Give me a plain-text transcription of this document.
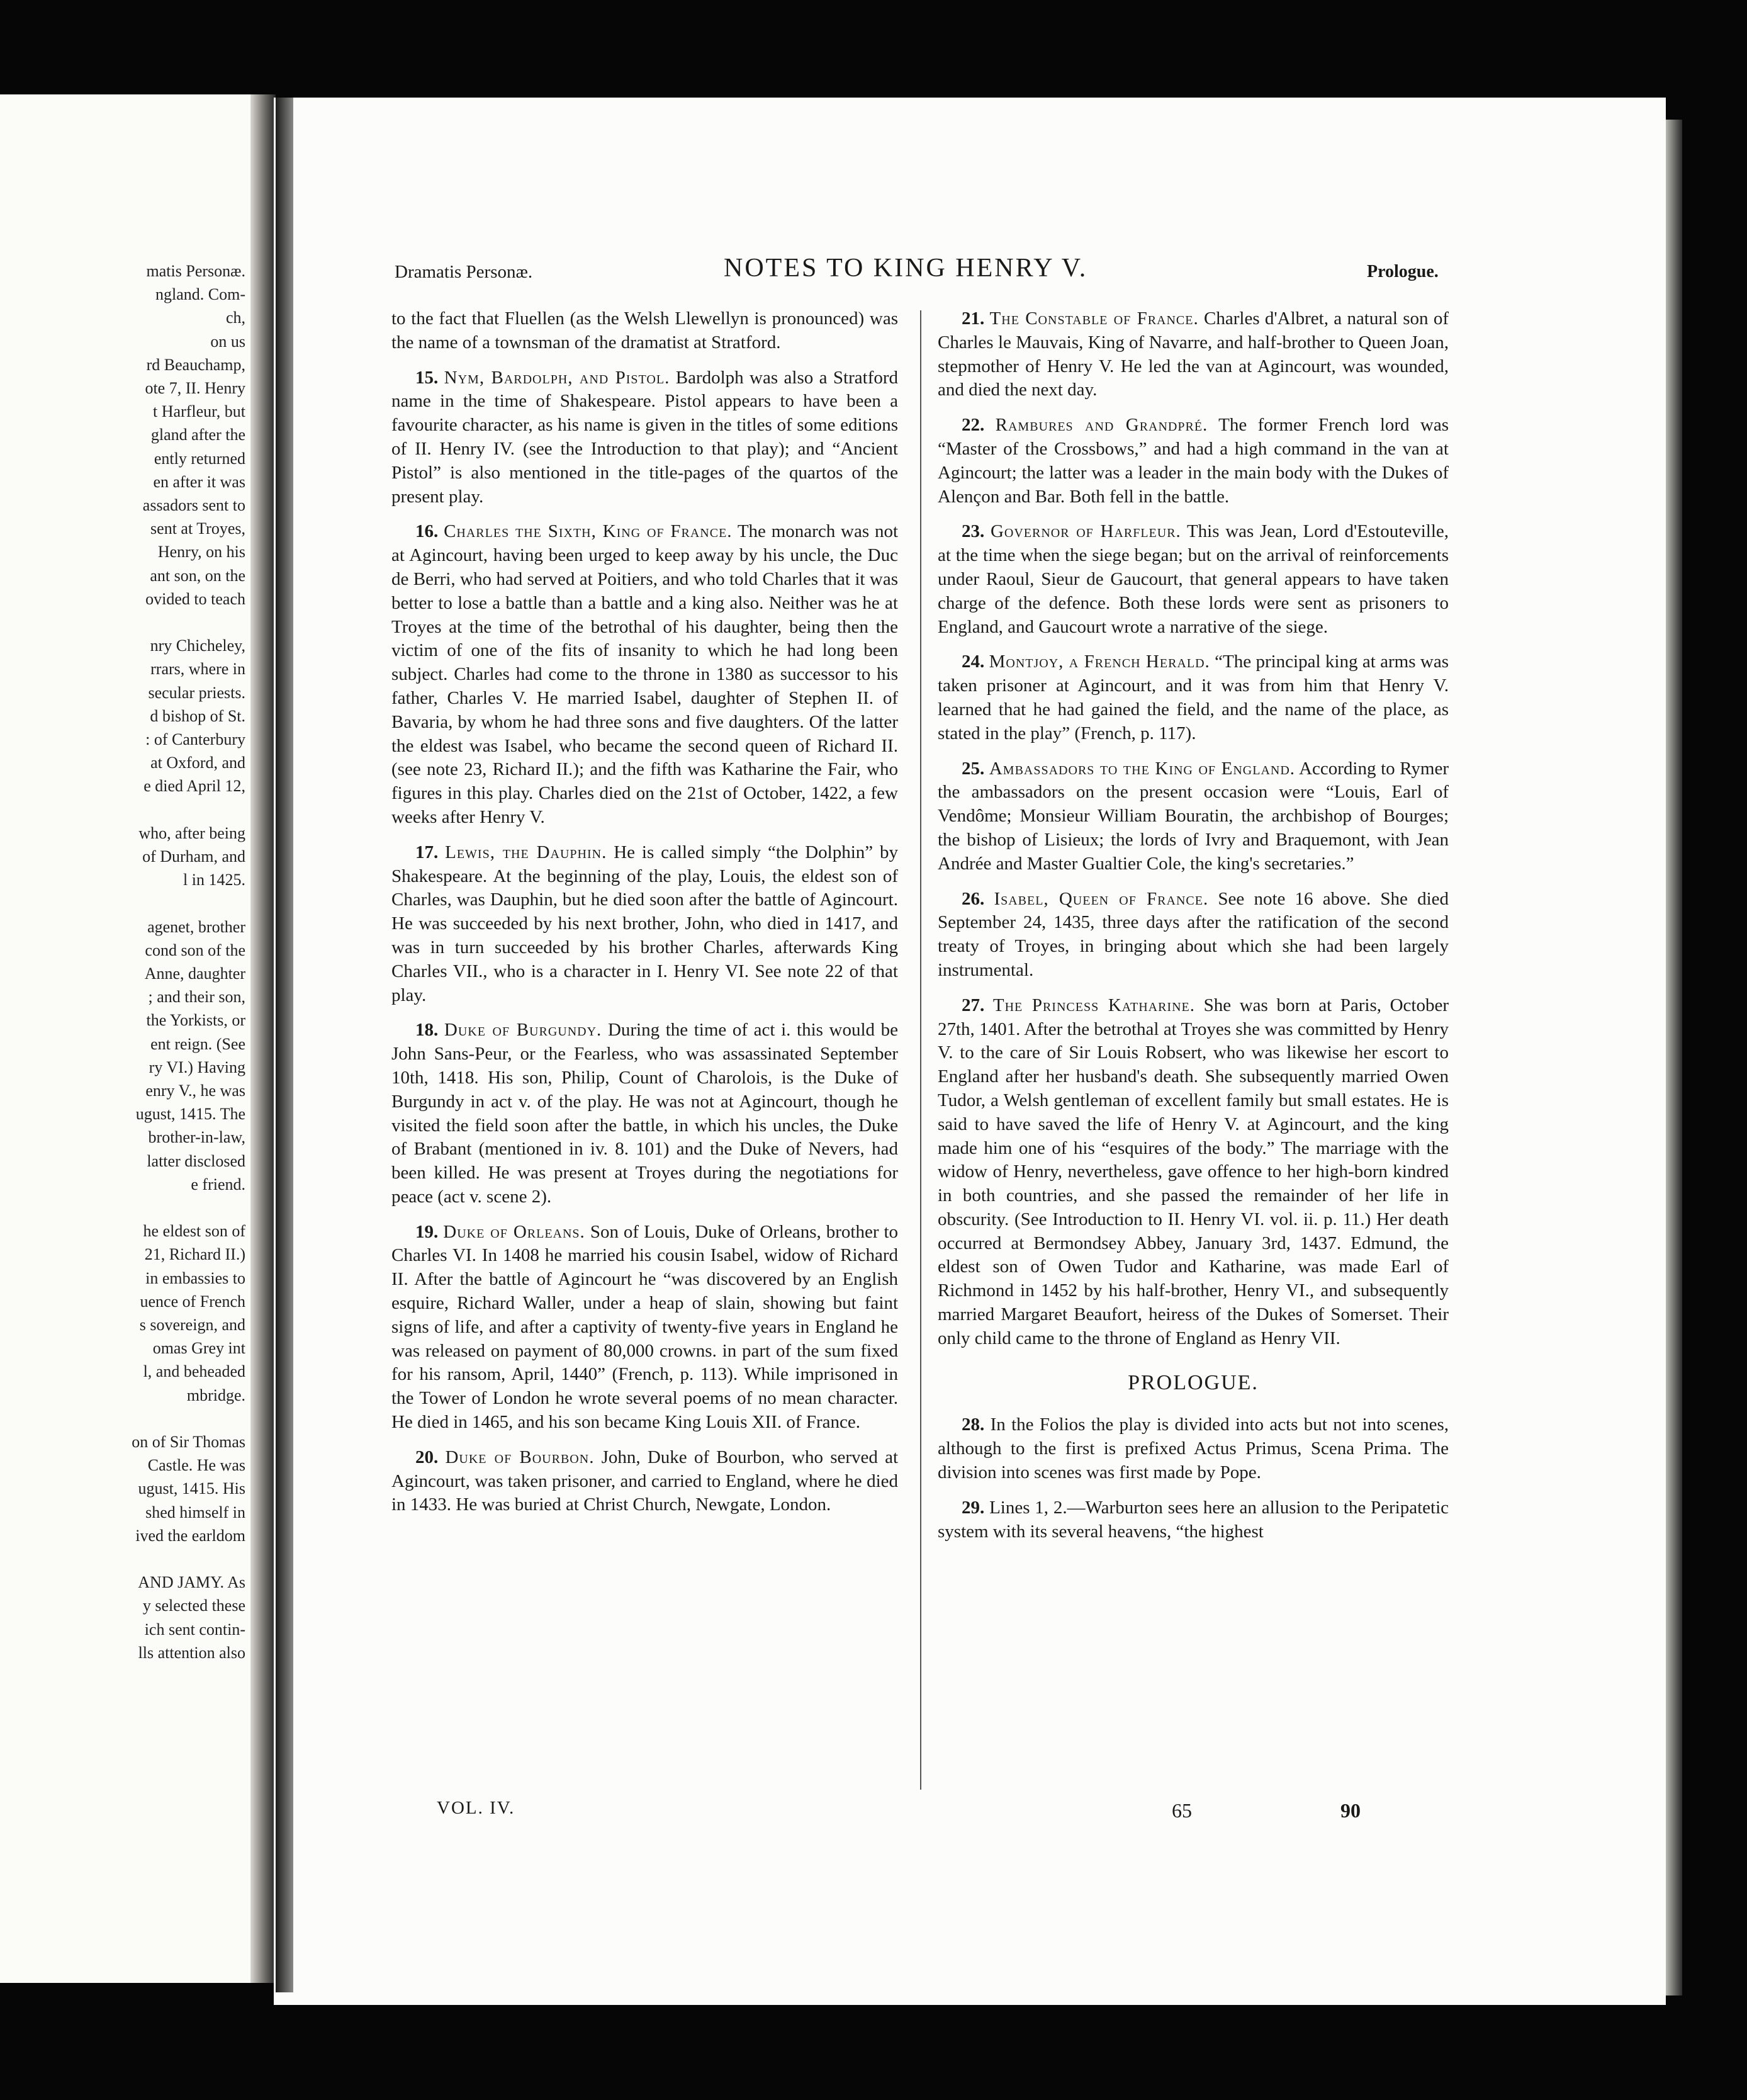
matis Personæ.
ngland. Com-
ch,
on us
rd Beauchamp,
ote 7, II. Henry
t Harfleur, but
gland after the
ently returned
en after it was
assadors sent to
sent at Troyes,
Henry, on his
ant son, on the
ovided to teach
nry Chicheley,
rrars, where in
secular priests.
d bishop of St.
: of Canterbury
at Oxford, and
e died April 12,
who, after being
of Durham, and
l in 1425.
agenet, brother
cond son of the
Anne, daughter
; and their son,
the Yorkists, or
ent reign. (See
ry VI.) Having
enry V., he was
ugust, 1415. The
brother-in-law,
latter disclosed
e friend.
he eldest son of
21, Richard II.)
in embassies to
uence of French
s sovereign, and
omas Grey int
l, and beheaded
mbridge.
on of Sir Thomas
Castle. He was
ugust, 1415. His
shed himself in
ived the earldom
AND JAMY. As
y selected these
ich sent contin-
lls attention also
Dramatis Personæ.	NOTES TO KING HENRY V.	Prologue.

to the fact that Fluellen (as the Welsh Llewellyn is pronounced) was the name of a townsman of the dramatist at Stratford.

15. Nym, Bardolph, and Pistol. Bardolph was also a Stratford name in the time of Shakespeare. Pistol appears to have been a favourite character, as his name is given in the titles of some editions of II. Henry IV. (see the Introduction to that play); and “Ancient Pistol” is also mentioned in the title-pages of the quartos of the present play.

16. Charles the Sixth, King of France. The monarch was not at Agincourt, having been urged to keep away by his uncle, the Duc de Berri, who had served at Poitiers, and who told Charles that it was better to lose a battle than a battle and a king also. Neither was he at Troyes at the time of the betrothal of his daughter, being then the victim of one of the fits of insanity to which he had long been subject. Charles had come to the throne in 1380 as successor to his father, Charles V. He married Isabel, daughter of Stephen II. of Bavaria, by whom he had three sons and five daughters. Of the latter the eldest was Isabel, who became the second queen of Richard II. (see note 23, Richard II.); and the fifth was Katharine the Fair, who figures in this play. Charles died on the 21st of October, 1422, a few weeks after Henry V.

17. Lewis, the Dauphin. He is called simply “the Dolphin” by Shakespeare. At the beginning of the play, Louis, the eldest son of Charles, was Dauphin, but he died soon after the battle of Agincourt. He was succeeded by his next brother, John, who died in 1417, and was in turn succeeded by his brother Charles, afterwards King Charles VII., who is a character in I. Henry VI. See note 22 of that play.

18. Duke of Burgundy. During the time of act i. this would be John Sans-Peur, or the Fearless, who was assassinated September 10th, 1418. His son, Philip, Count of Charolois, is the Duke of Burgundy in act v. of the play. He was not at Agincourt, though he visited the field soon after the battle, in which his uncles, the Duke of Brabant (mentioned in iv. 8. 101) and the Duke of Nevers, had been killed. He was present at Troyes during the negotiations for peace (act v. scene 2).

19. Duke of Orleans. Son of Louis, Duke of Orleans, brother to Charles VI. In 1408 he married his cousin Isabel, widow of Richard II. After the battle of Agincourt he “was discovered by an English esquire, Richard Waller, under a heap of slain, showing but faint signs of life, and after a captivity of twenty-five years in England he was released on payment of 80,000 crowns. in part of the sum fixed for his ransom, April, 1440” (French, p. 113). While imprisoned in the Tower of London he wrote several poems of no mean character. He died in 1465, and his son became King Louis XII. of France.

20. Duke of Bourbon. John, Duke of Bourbon, who served at Agincourt, was taken prisoner, and carried to England, where he died in 1433. He was buried at Christ Church, Newgate, London.

21. The Constable of France. Charles d'Albret, a natural son of Charles le Mauvais, King of Navarre, and half-brother to Queen Joan, stepmother of Henry V. He led the van at Agincourt, was wounded, and died the next day.

22. Rambures and Grandpré. The former French lord was “Master of the Crossbows,” and had a high command in the van at Agincourt; the latter was a leader in the main body with the Dukes of Alençon and Bar. Both fell in the battle.

23. Governor of Harfleur. This was Jean, Lord d'Estouteville, at the time when the siege began; but on the arrival of reinforcements under Raoul, Sieur de Gaucourt, that general appears to have taken charge of the defence. Both these lords were sent as prisoners to England, and Gaucourt wrote a narrative of the siege.

24. Montjoy, a French Herald. “The principal king at arms was taken prisoner at Agincourt, and it was from him that Henry V. learned that he had gained the field, and the name of the place, as stated in the play” (French, p. 117).

25. Ambassadors to the King of England. According to Rymer the ambassadors on the present occasion were “Louis, Earl of Vendôme; Monsieur William Bouratin, the archbishop of Bourges; the bishop of Lisieux; the lords of Ivry and Braquemont, with Jean Andrée and Master Gualtier Cole, the king's secretaries.”

26. Isabel, Queen of France. See note 16 above. She died September 24, 1435, three days after the ratification of the second treaty of Troyes, in bringing about which she had been largely instrumental.

27. The Princess Katharine. She was born at Paris, October 27th, 1401. After the betrothal at Troyes she was committed by Henry V. to the care of Sir Louis Robsert, who was likewise her escort to England after her husband's death. She subsequently married Owen Tudor, a Welsh gentleman of excellent family but small estates. He is said to have saved the life of Henry V. at Agincourt, and the king made him one of his “esquires of the body.” The marriage with the widow of Henry, nevertheless, gave offence to her high-born kindred in both countries, and she passed the remainder of her life in obscurity. (See Introduction to II. Henry VI. vol. ii. p. 11.) Her death occurred at Bermondsey Abbey, January 3rd, 1437. Edmund, the eldest son of Owen Tudor and Katharine, was made Earl of Richmond in 1452 by his half-brother, Henry VI., and subsequently married Margaret Beaufort, heiress of the Dukes of Somerset. Their only child came to the throne of England as Henry VII.

PROLOGUE.

28. In the Folios the play is divided into acts but not into scenes, although to the first is prefixed Actus Primus, Scena Prima. The division into scenes was first made by Pope.

29. Lines 1, 2.—Warburton sees here an allusion to the Peripatetic system with its several heavens, “the highest

VOL. IV.	65	90
